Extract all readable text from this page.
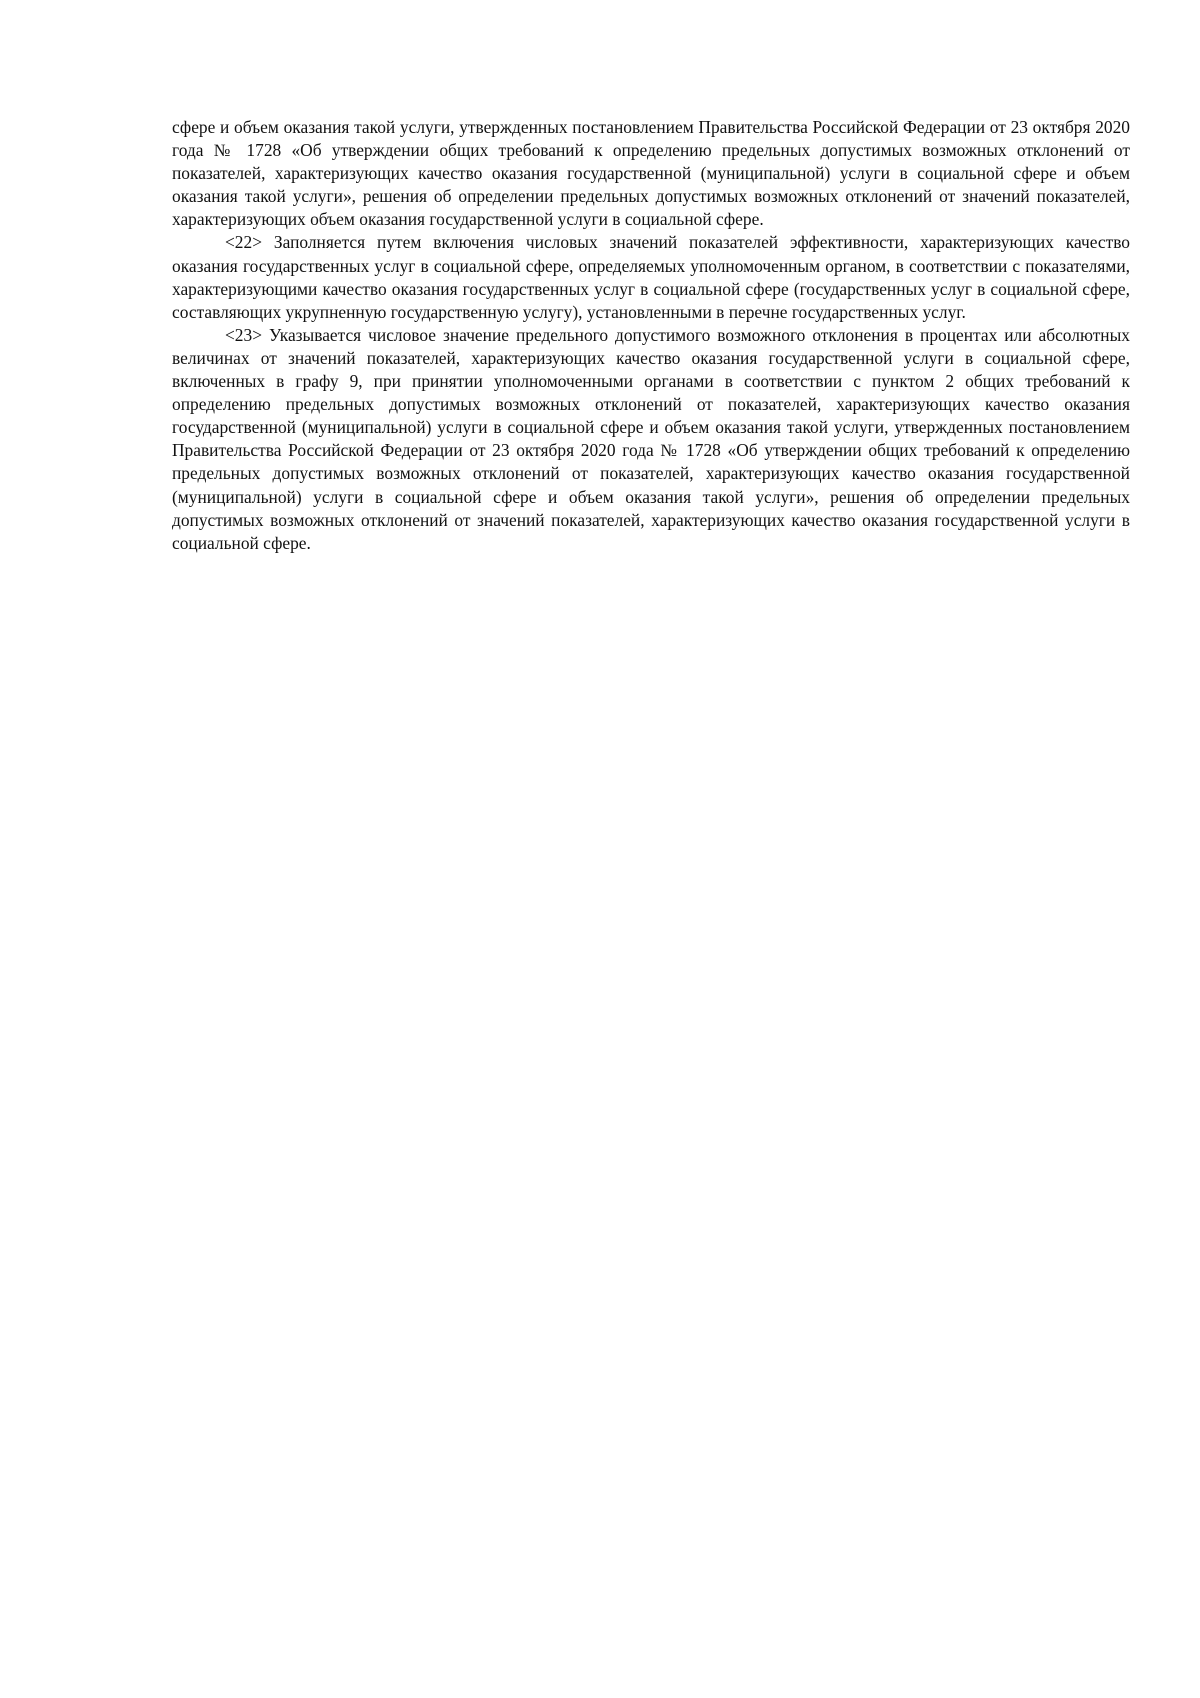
сфере и объем оказания такой услуги, утвержденных постановлением Правительства Российской Федерации от 23 октября 2020 года № 1728 «Об утверждении общих требований к определению предельных допустимых возможных отклонений от показателей, характеризующих качество оказания государственной (муниципальной) услуги в социальной сфере и объем оказания такой услуги», решения об определении предельных допустимых возможных отклонений от значений показателей, характеризующих объем оказания государственной услуги в социальной сфере.

<22> Заполняется путем включения числовых значений показателей эффективности, характеризующих качество оказания государственных услуг в социальной сфере, определяемых уполномоченным органом, в соответствии с показателями, характеризующими качество оказания государственных услуг в социальной сфере (государственных услуг в социальной сфере, составляющих укрупненную государственную услугу), установленными в перечне государственных услуг.

<23> Указывается числовое значение предельного допустимого возможного отклонения в процентах или абсолютных величинах от значений показателей, характеризующих качество оказания государственной услуги в социальной сфере, включенных в графу 9, при принятии уполномоченными органами в соответствии с пунктом 2 общих требований к определению предельных допустимых возможных отклонений от показателей, характеризующих качество оказания государственной (муниципальной) услуги в социальной сфере и объем оказания такой услуги, утвержденных постановлением Правительства Российской Федерации от 23 октября 2020 года № 1728 «Об утверждении общих требований к определению предельных допустимых возможных отклонений от показателей, характеризующих качество оказания государственной (муниципальной) услуги в социальной сфере и объем оказания такой услуги», решения об определении предельных допустимых возможных отклонений от значений показателей, характеризующих качество оказания государственной услуги в социальной сфере.
